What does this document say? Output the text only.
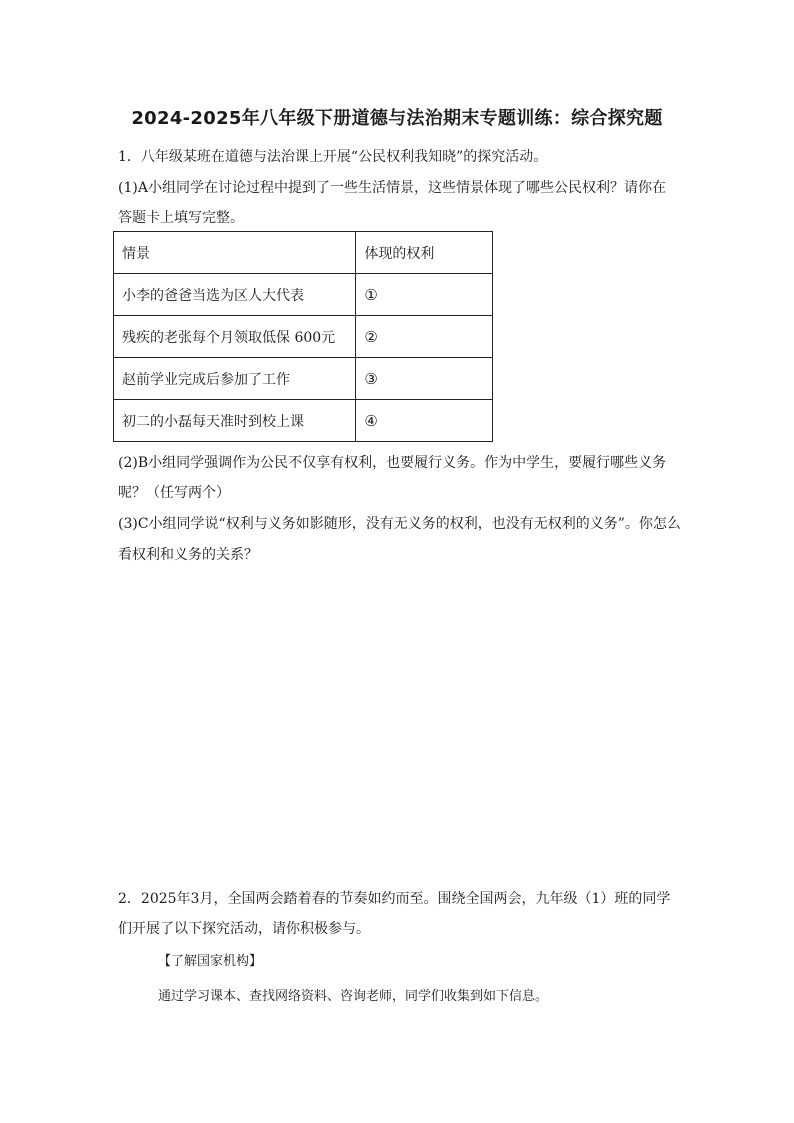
2024-2025年八年级下册道德与法治期末专题训练：综合探究题
1．八年级某班在道德与法治课上开展“公民权利我知晓”的探究活动。
(1)A小组同学在讨论过程中提到了一些生活情景，这些情景体现了哪些公民权利？请你在
答题卡上填写完整。
情景	体现的权利
小李的爸爸当选为区人大代表	①
残疾的老张每个月领取低保 600元	②
赵前学业完成后参加了工作	③
初二的小磊每天准时到校上课	④
(2)B小组同学强调作为公民不仅享有权利，也要履行义务。作为中学生，要履行哪些义务
呢？（任写两个）
(3)C小组同学说“权利与义务如影随形，没有无义务的权利，也没有无权利的义务”。你怎么
看权利和义务的关系？
2．2025年3月，全国两会踏着春的节奏如约而至。围绕全国两会，九年级（1）班的同学
们开展了以下探究活动，请你积极参与。
【了解国家机构】
通过学习课本、查找网络资料、咨询老师，同学们收集到如下信息。
